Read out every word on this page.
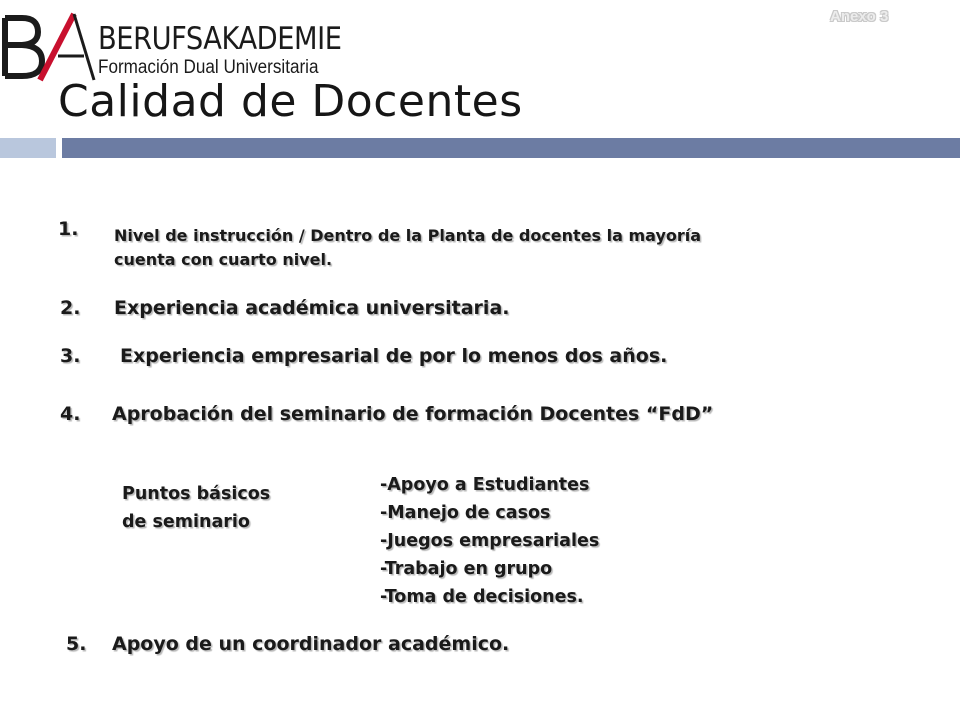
BERUFSAKADEMIE
Formación Dual Universitaria
Anexo 3
Calidad de Docentes
1. Nivel de instrucción / Dentro de la Planta de docentes la mayoría
cuenta con cuarto nivel.
2. Experiencia académica universitaria.
3. Experiencia empresarial de por lo menos dos años.
4. Aprobación del seminario de formación Docentes “FdD”
Puntos básicos
de seminario
-Apoyo a Estudiantes
-Manejo de casos
-Juegos empresariales
-Trabajo en grupo
-Toma de decisiones.
5. Apoyo de un coordinador académico.
